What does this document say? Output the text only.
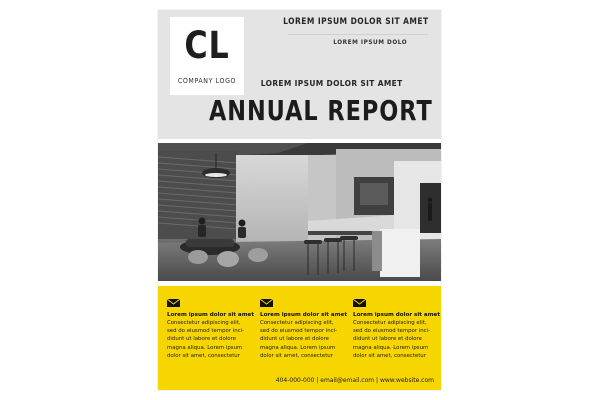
CL
COMPANY LOGO
LOREM IPSUM DOLOR SIT AMET
LOREM IPSUM DOLO
LOREM IPSUM DOLOR SIT AMET
ANNUAL REPORT
Lorem ipsum dolor sit amet
Consectetur adipiscing elit,
sed do eiusmod tempor inci-
didunt ut labore et dolore
magna aliqua. Lorem ipsum
dolor sit amet, consectetur
Lorem ipsum dolor sit amet
Consectetur adipiscing elit,
sed do eiusmod tempor inci-
didunt ut labore et dolore
magna aliqua. Lorem ipsum
dolor sit amet, consectetur
Lorem ipsum dolor sit amet
Consectetur adipiscing elit,
sed do eiusmod tempor inci-
didunt ut labore et dolore
magna aliqua. Lorem ipsum
dolor sit amet, consectetur
404-000-000 | email@email.com | www.website.com
